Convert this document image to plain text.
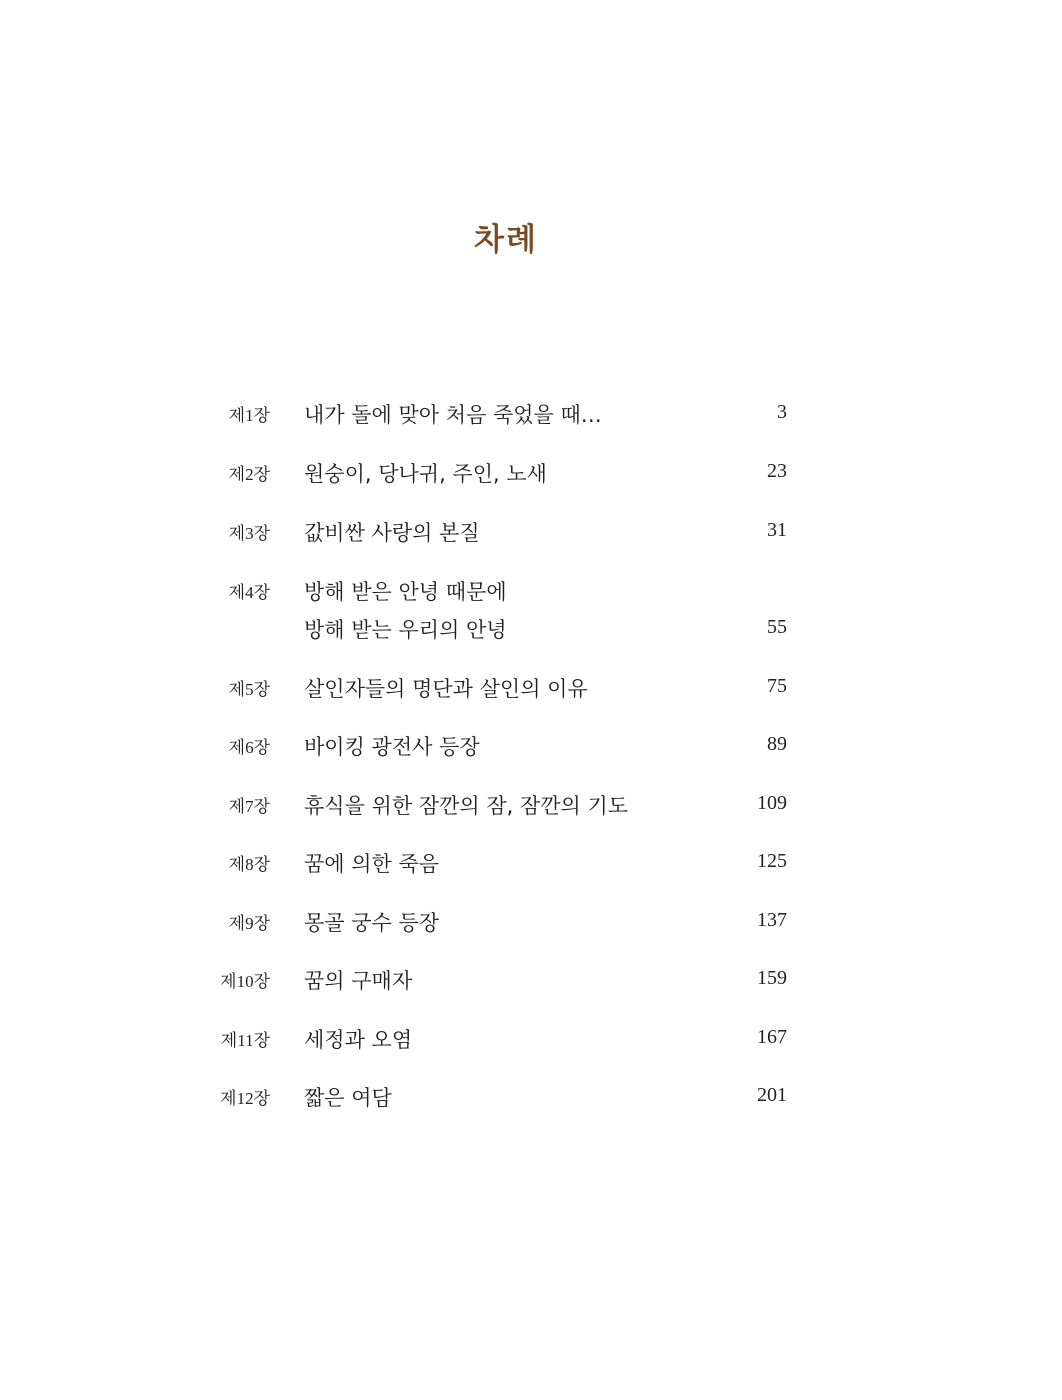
차례
제1장 내가 돌에 맞아 처음 죽었을 때…	3
제2장 원숭이, 당나귀, 주인, 노새	23
제3장 값비싼 사랑의 본질	31
제4장 방해 받은 안녕 때문에
방해 받는 우리의 안녕	55
제5장 살인자들의 명단과 살인의 이유	75
제6장 바이킹 광전사 등장	89
제7장 휴식을 위한 잠깐의 잠, 잠깐의 기도	109
제8장 꿈에 의한 죽음	125
제9장 몽골 궁수 등장	137
제10장 꿈의 구매자	159
제11장 세정과 오염	167
제12장 짧은 여담	201
